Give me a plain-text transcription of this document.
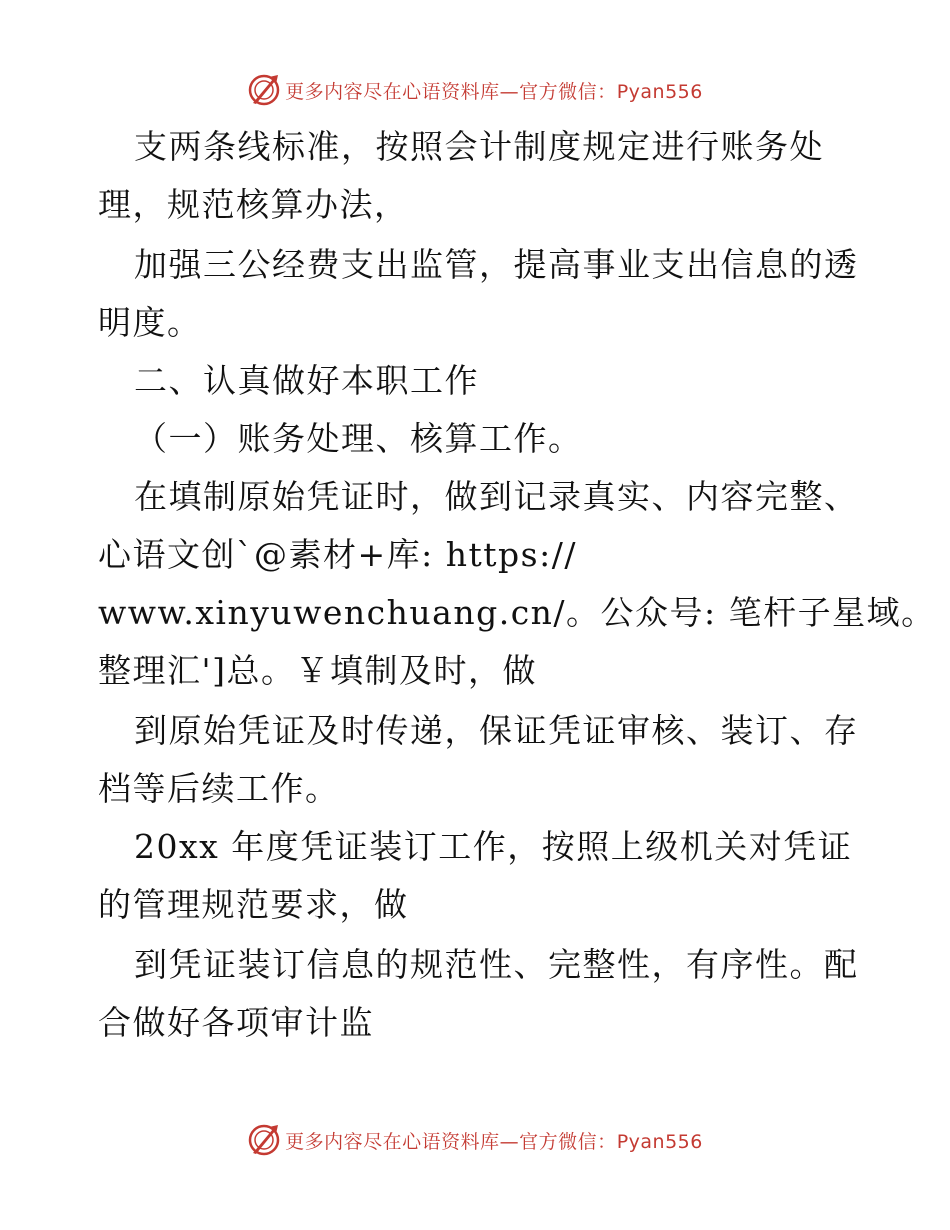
更多内容尽在心语资料库—官方微信：Pyan556
支两条线标准，按照会计制度规定进行账务处
理，规范核算办法，
加强三公经费支出监管，提高事业支出信息的透
明度。
二、认真做好本职工作
（一）账务处理、核算工作。
在填制原始凭证时，做到记录真实、内容完整、
心语文创`@素材+库: https://
www.xinyuwenchuang.cn/。公众号: 笔杆子星域。
整理汇']总。￥填制及时，做
到原始凭证及时传递，保证凭证审核、装订、存
档等后续工作。
20xx 年度凭证装订工作，按照上级机关对凭证
的管理规范要求，做
到凭证装订信息的规范性、完整性，有序性。配
合做好各项审计监
更多内容尽在心语资料库—官方微信：Pyan556
